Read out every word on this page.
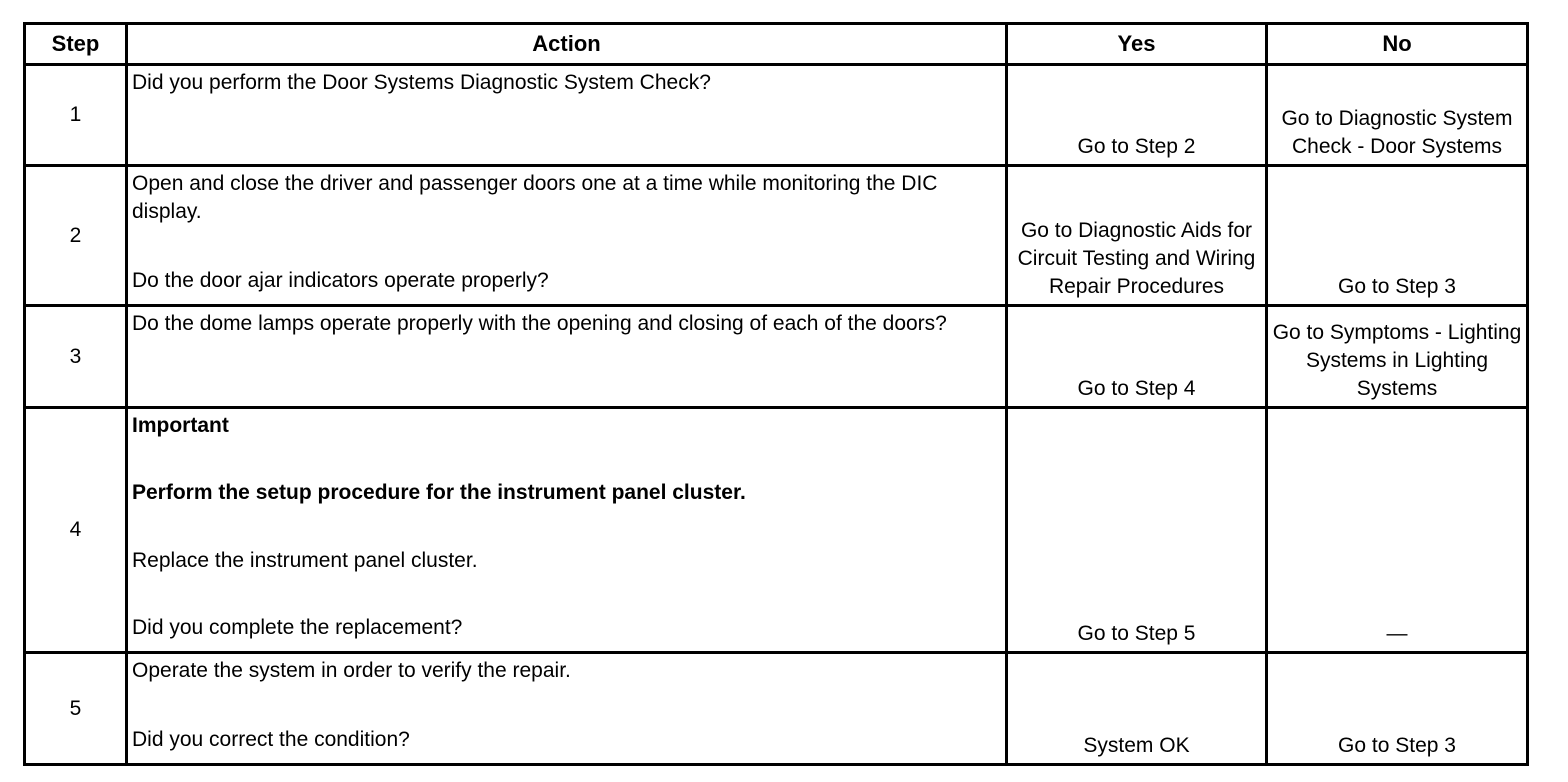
Step	Action	Yes	No
1	Did you perform the Door Systems Diagnostic System Check?	Go to Step 2	Go to Diagnostic System Check - Door Systems
2	Open and close the driver and passenger doors one at a time while monitoring the DIC display.

Do the door ajar indicators operate properly?	Go to Diagnostic Aids for Circuit Testing and Wiring Repair Procedures	Go to Step 3
3	Do the dome lamps operate properly with the opening and closing of each of the doors?	Go to Step 4	Go to Symptoms - Lighting Systems in Lighting Systems
4	Important

Perform the setup procedure for the instrument panel cluster.

Replace the instrument panel cluster.

Did you complete the replacement?	Go to Step 5	—
5	Operate the system in order to verify the repair.

Did you correct the condition?	System OK	Go to Step 3
